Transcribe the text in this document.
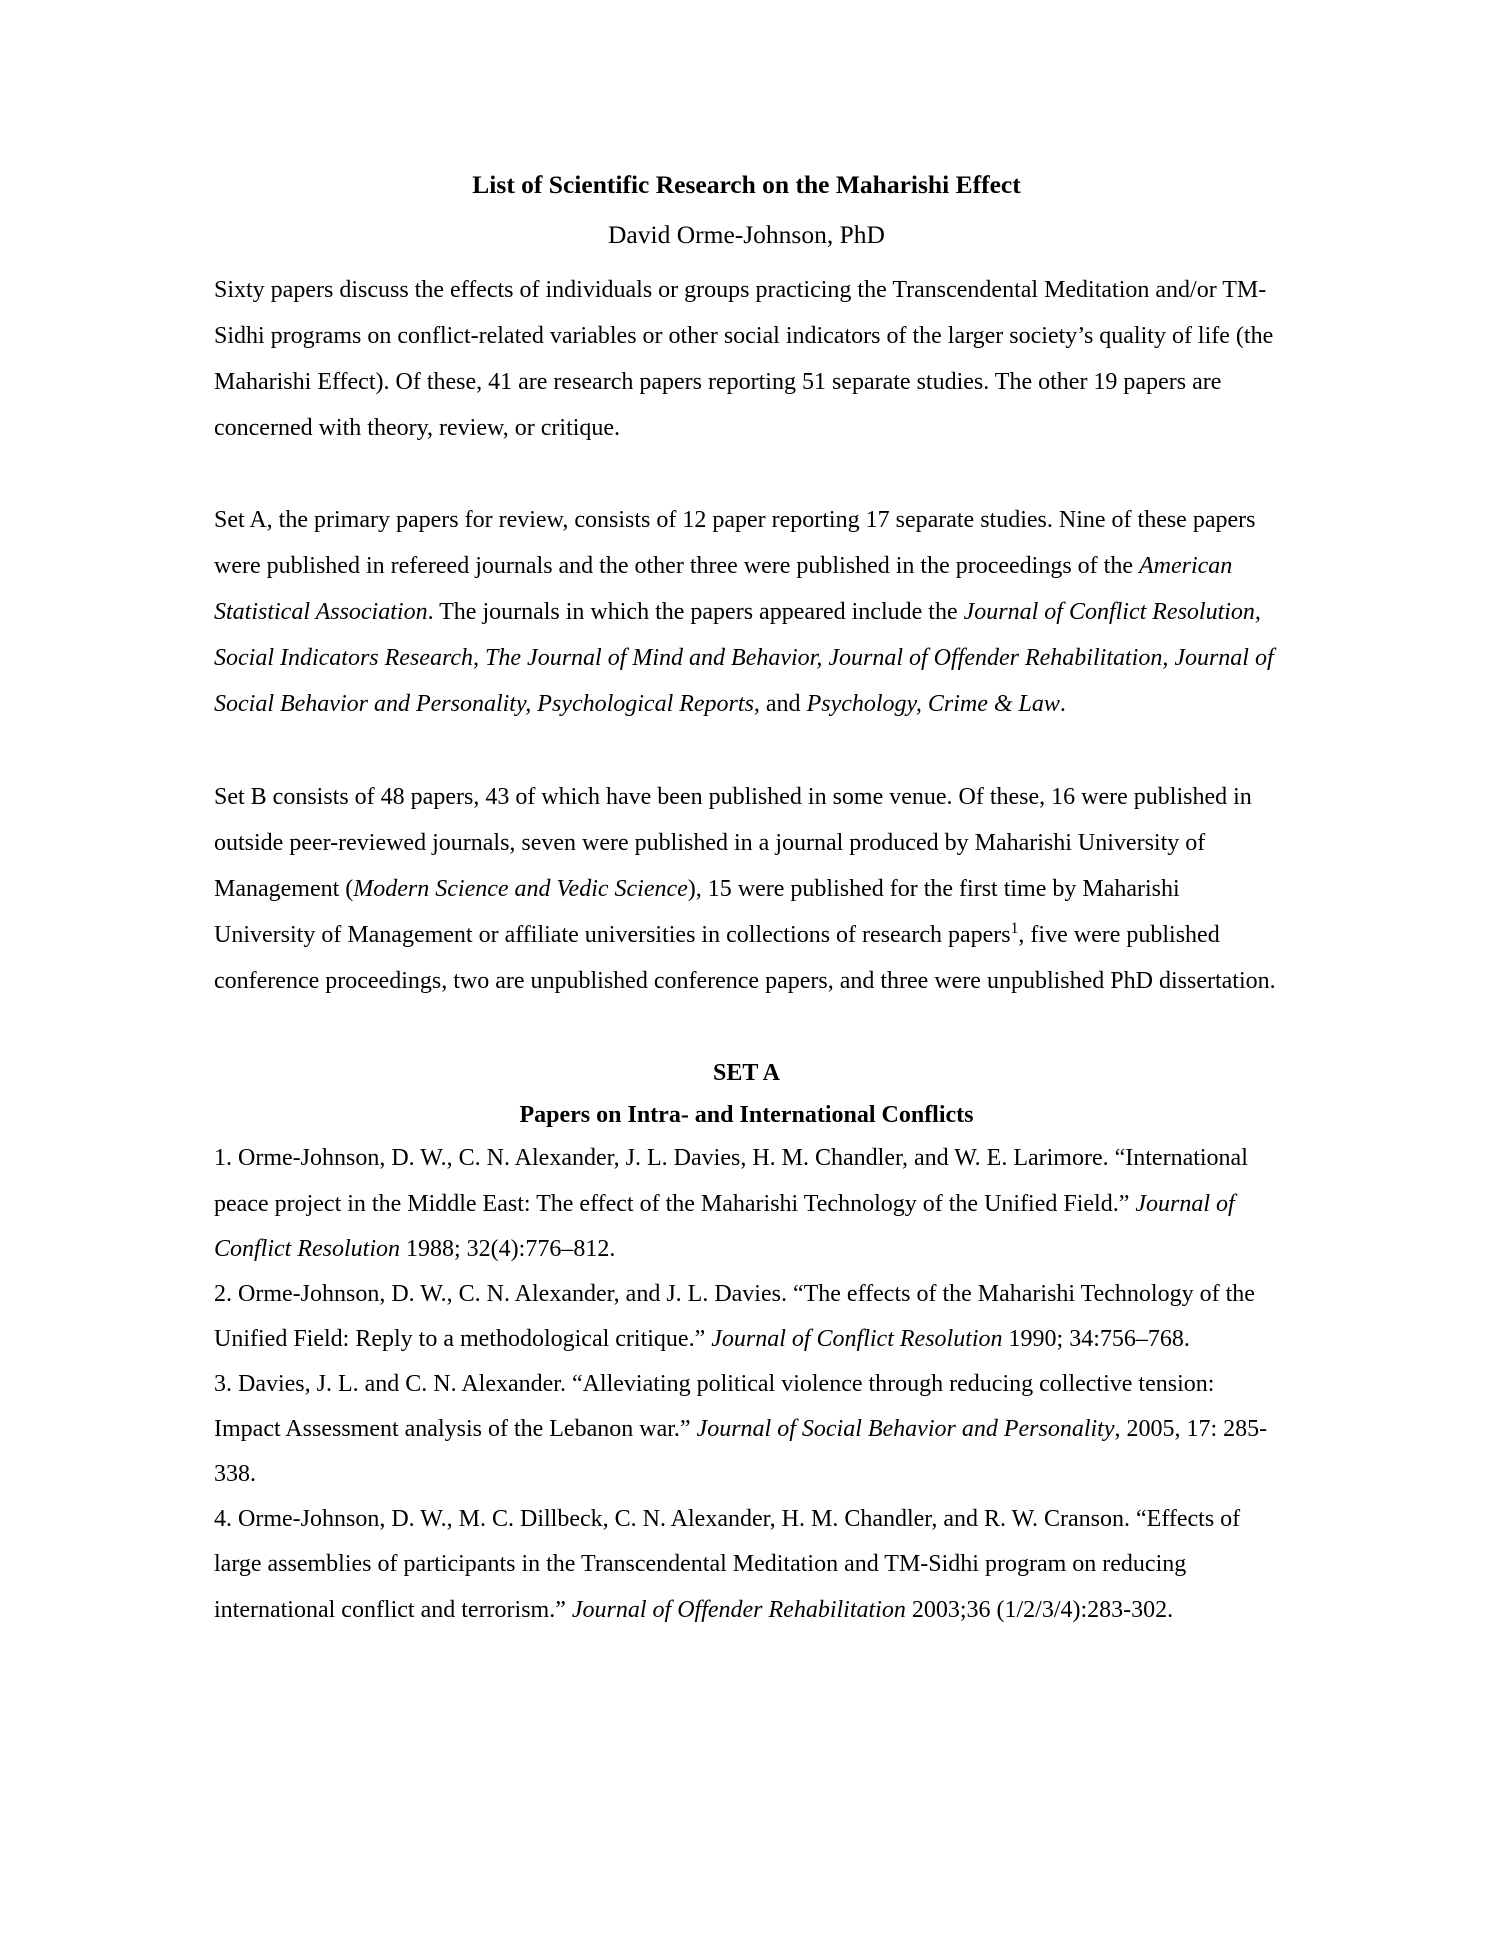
List of Scientific Research on the Maharishi Effect
David Orme-Johnson, PhD

Sixty papers discuss the effects of individuals or groups practicing the Transcendental Meditation and/or TM-Sidhi programs on conflict-related variables or other social indicators of the larger society’s quality of life (the Maharishi Effect). Of these, 41 are research papers reporting 51 separate studies. The other 19 papers are concerned with theory, review, or critique.

Set A, the primary papers for review, consists of 12 paper reporting 17 separate studies. Nine of these papers were published in refereed journals and the other three were published in the proceedings of the American Statistical Association. The journals in which the papers appeared include the Journal of Conflict Resolution, Social Indicators Research, The Journal of Mind and Behavior, Journal of Offender Rehabilitation, Journal of Social Behavior and Personality, Psychological Reports, and Psychology, Crime & Law.

Set B consists of 48 papers, 43 of which have been published in some venue. Of these, 16 were published in outside peer-reviewed journals, seven were published in a journal produced by Maharishi University of Management (Modern Science and Vedic Science), 15 were published for the first time by Maharishi University of Management or affiliate universities in collections of research papers$^1$, five were published conference proceedings, two are unpublished conference papers, and three were unpublished PhD dissertation.

SET A
Papers on Intra- and International Conflicts

1. Orme-Johnson, D. W., C. N. Alexander, J. L. Davies, H. M. Chandler, and W. E. Larimore. “International peace project in the Middle East: The effect of the Maharishi Technology of the Unified Field.” Journal of Conflict Resolution 1988; 32(4):776–812.

2. Orme-Johnson, D. W., C. N. Alexander, and J. L. Davies. “The effects of the Maharishi Technology of the Unified Field: Reply to a methodological critique.” Journal of Conflict Resolution 1990; 34:756–768.

3. Davies, J. L. and C. N. Alexander. “Alleviating political violence through reducing collective tension: Impact Assessment analysis of the Lebanon war.” Journal of Social Behavior and Personality, 2005, 17: 285-338.

4. Orme-Johnson, D. W., M. C. Dillbeck, C. N. Alexander, H. M. Chandler, and R. W. Cranson. “Effects of large assemblies of participants in the Transcendental Meditation and TM-Sidhi program on reducing international conflict and terrorism.” Journal of Offender Rehabilitation 2003;36 (1/2/3/4):283-302.
